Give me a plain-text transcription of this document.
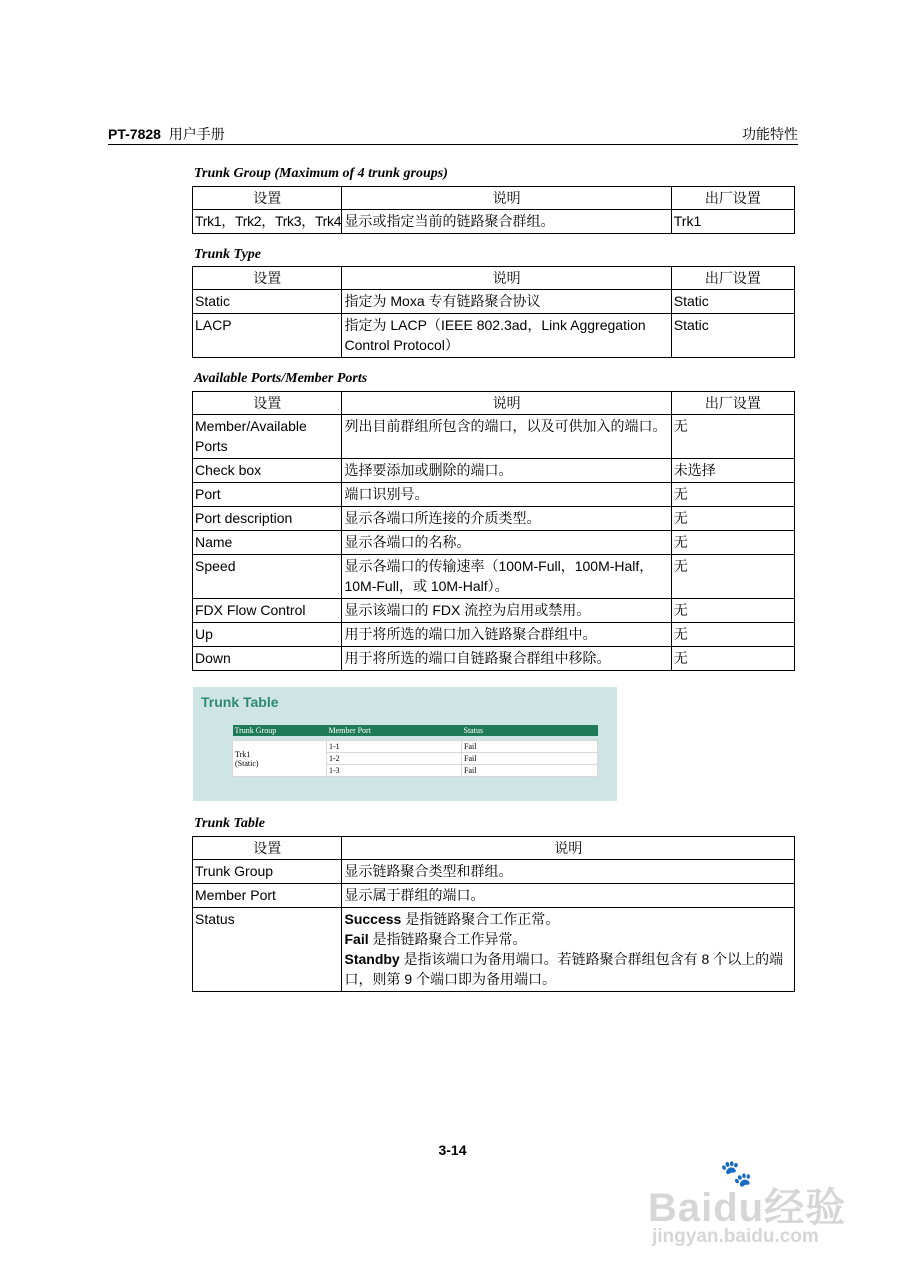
PT-7828 用户手册	功能特性
Trunk Group (Maximum of 4 trunk groups)
设置	说明	出厂设置
Trk1，Trk2，Trk3，Trk4	显示或指定当前的链路聚合群组。	Trk1
Trunk Type
设置	说明	出厂设置
Static	指定为 Moxa 专有链路聚合协议	Static
LACP	指定为 LACP（IEEE 802.3ad，Link Aggregation Control Protocol）	Static
Available Ports/Member Ports
设置	说明	出厂设置
Member/Available Ports	列出目前群组所包含的端口，以及可供加入的端口。	无
Check box	选择要添加或删除的端口。	未选择
Port	端口识别号。	无
Port description	显示各端口所连接的介质类型。	无
Name	显示各端口的名称。	无
Speed	显示各端口的传输速率（100M-Full，100M-Half，10M-Full，或 10M-Half）。	无
FDX Flow Control	显示该端口的 FDX 流控为启用或禁用。	无
Up	用于将所选的端口加入链路聚合群组中。	无
Down	用于将所选的端口自链路聚合群组中移除。	无
Trunk Table
Trunk Group	Member Port	Status

Trk1
(Static)	1-1	Fail
	1-2	Fail
	1-3	Fail
Trunk Table
设置	说明
Trunk Group	显示链路聚合类型和群组。
Member Port	显示属于群组的端口。
Status	Success 是指链路聚合工作正常。
Fail 是指链路聚合工作异常。
Standby 是指该端口为备用端口。若链路聚合群组包含有 8 个以上的端口，则第 9 个端口即为备用端口。
3-14
🐾
Baidu经验
jingyan.baidu.com
